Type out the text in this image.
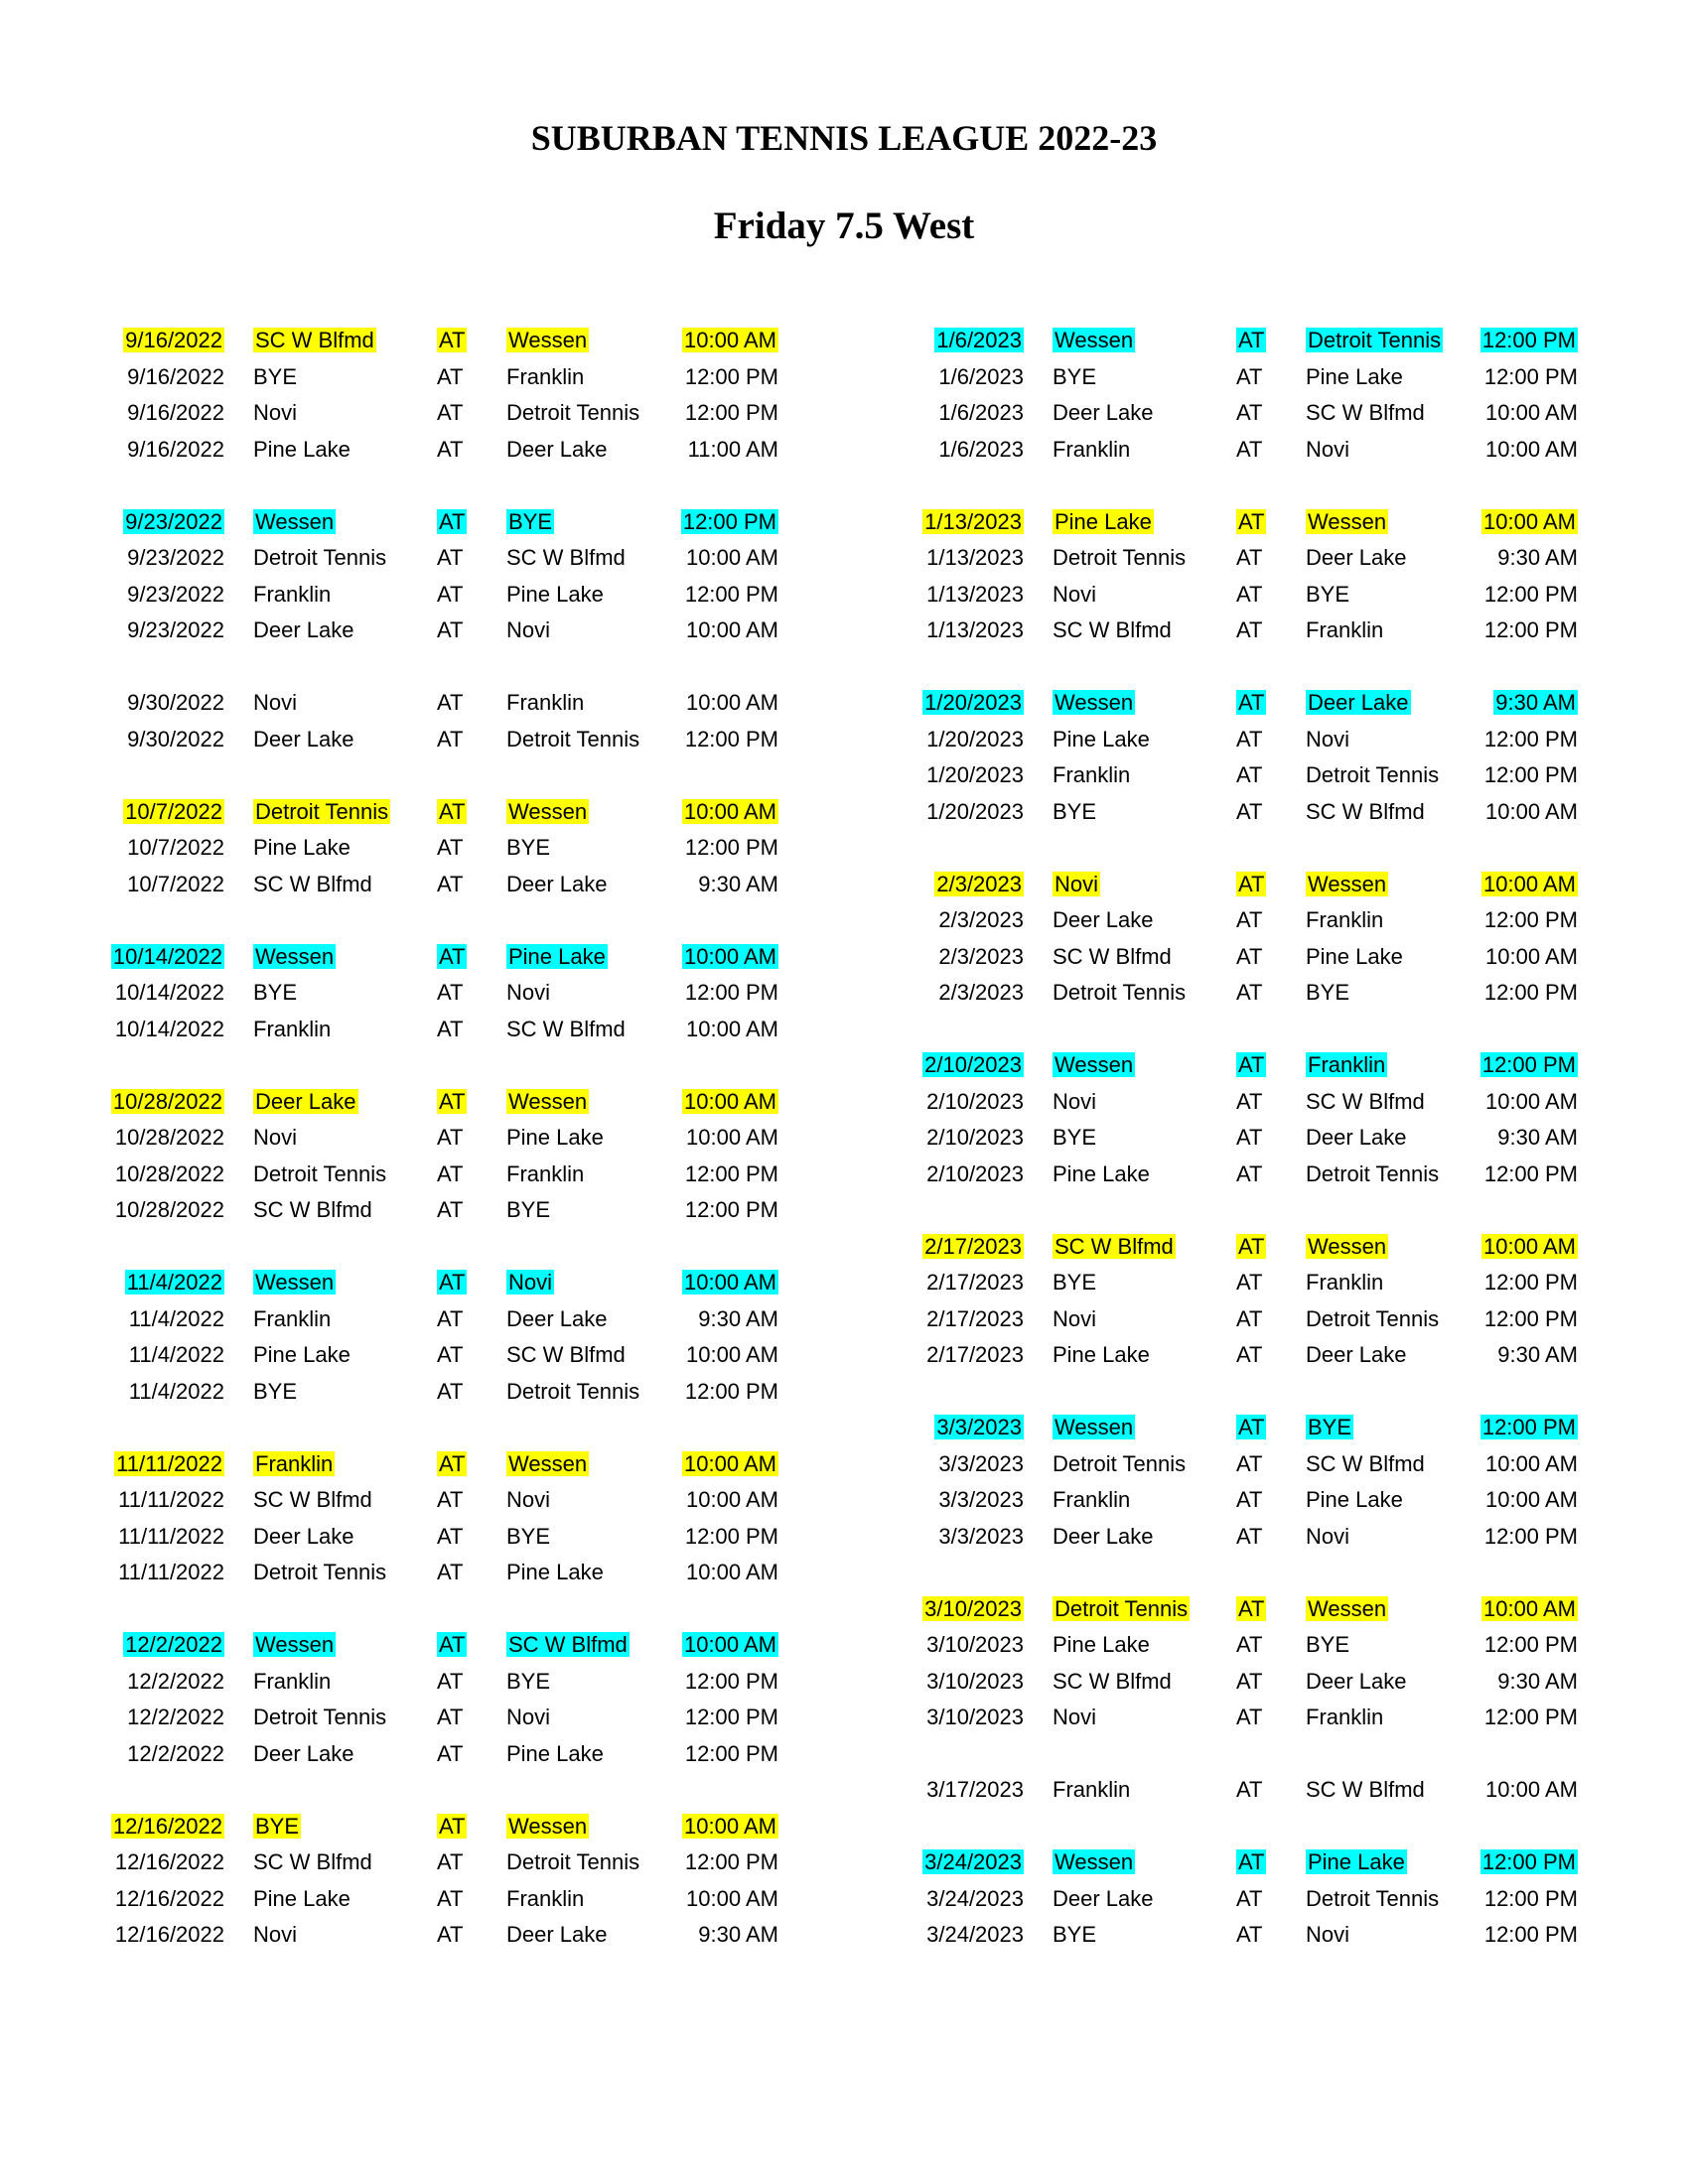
SUBURBAN TENNIS LEAGUE 2022-23
Friday 7.5 West
9/16/2022 SC W Blfmd	AT Wessen	10:00 AM
9/16/2022 BYE	AT Franklin	12:00 PM
9/16/2022 Novi	AT Detroit Tennis	12:00 PM
9/16/2022 Pine Lake	AT Deer Lake	11:00 AM
9/23/2022 Wessen	AT BYE	12:00 PM
9/23/2022 Detroit Tennis AT SC W Blfmd	10:00 AM
9/23/2022 Franklin	AT Pine Lake	12:00 PM
9/23/2022 Deer Lake	AT Novi	10:00 AM
9/30/2022 Novi	AT Franklin	10:00 AM
9/30/2022 Deer Lake	AT Detroit Tennis	12:00 PM
10/7/2022 Detroit Tennis AT Wessen	10:00 AM
10/7/2022 Pine Lake	AT BYE	12:00 PM
10/7/2022 SC W Blfmd	AT Deer Lake	9:30 AM
10/14/2022 Wessen	AT Pine Lake	10:00 AM
10/14/2022 BYE	AT Novi	12:00 PM
10/14/2022 Franklin	AT SC W Blfmd	10:00 AM
10/28/2022 Deer Lake	AT Wessen	10:00 AM
10/28/2022 Novi	AT Pine Lake	10:00 AM
10/28/2022 Detroit Tennis AT Franklin	12:00 PM
10/28/2022 SC W Blfmd	AT BYE	12:00 PM
11/4/2022 Wessen	AT Novi	10:00 AM
11/4/2022 Franklin	AT Deer Lake	9:30 AM
11/4/2022 Pine Lake	AT SC W Blfmd	10:00 AM
11/4/2022 BYE	AT Detroit Tennis	12:00 PM
11/11/2022 Franklin	AT Wessen	10:00 AM
11/11/2022 SC W Blfmd	AT Novi	10:00 AM
11/11/2022 Deer Lake	AT BYE	12:00 PM
11/11/2022 Detroit Tennis AT Pine Lake	10:00 AM
12/2/2022 Wessen	AT SC W Blfmd	10:00 AM
12/2/2022 Franklin	AT BYE	12:00 PM
12/2/2022 Detroit Tennis AT Novi	12:00 PM
12/2/2022 Deer Lake	AT Pine Lake	12:00 PM
12/16/2022 BYE	AT Wessen	10:00 AM
12/16/2022 SC W Blfmd	AT Detroit Tennis	12:00 PM
12/16/2022 Pine Lake	AT Franklin	10:00 AM
12/16/2022 Novi	AT Deer Lake	9:30 AM
1/6/2023 Wessen	AT Detroit Tennis	12:00 PM
1/6/2023 BYE	AT Pine Lake	12:00 PM
1/6/2023 Deer Lake	AT SC W Blfmd	10:00 AM
1/6/2023 Franklin	AT Novi	10:00 AM
1/13/2023 Pine Lake	AT Wessen	10:00 AM
1/13/2023 Detroit Tennis AT Deer Lake	9:30 AM
1/13/2023 Novi	AT BYE	12:00 PM
1/13/2023 SC W Blfmd	AT Franklin	12:00 PM
1/20/2023 Wessen	AT Deer Lake	9:30 AM
1/20/2023 Pine Lake	AT Novi	12:00 PM
1/20/2023 Franklin	AT Detroit Tennis	12:00 PM
1/20/2023 BYE	AT SC W Blfmd	10:00 AM
2/3/2023 Novi	AT Wessen	10:00 AM
2/3/2023 Deer Lake	AT Franklin	12:00 PM
2/3/2023 SC W Blfmd	AT Pine Lake	10:00 AM
2/3/2023 Detroit Tennis AT BYE	12:00 PM
2/10/2023 Wessen	AT Franklin	12:00 PM
2/10/2023 Novi	AT SC W Blfmd	10:00 AM
2/10/2023 BYE	AT Deer Lake	9:30 AM
2/10/2023 Pine Lake	AT Detroit Tennis	12:00 PM
2/17/2023 SC W Blfmd	AT Wessen	10:00 AM
2/17/2023 BYE	AT Franklin	12:00 PM
2/17/2023 Novi	AT Detroit Tennis	12:00 PM
2/17/2023 Pine Lake	AT Deer Lake	9:30 AM
3/3/2023 Wessen	AT BYE	12:00 PM
3/3/2023 Detroit Tennis AT SC W Blfmd	10:00 AM
3/3/2023 Franklin	AT Pine Lake	10:00 AM
3/3/2023 Deer Lake	AT Novi	12:00 PM
3/10/2023 Detroit Tennis AT Wessen	10:00 AM
3/10/2023 Pine Lake	AT BYE	12:00 PM
3/10/2023 SC W Blfmd	AT Deer Lake	9:30 AM
3/10/2023 Novi	AT Franklin	12:00 PM
3/17/2023 Franklin	AT SC W Blfmd	10:00 AM
3/24/2023 Wessen	AT Pine Lake	12:00 PM
3/24/2023 Deer Lake	AT Detroit Tennis	12:00 PM
3/24/2023 BYE	AT Novi	12:00 PM
